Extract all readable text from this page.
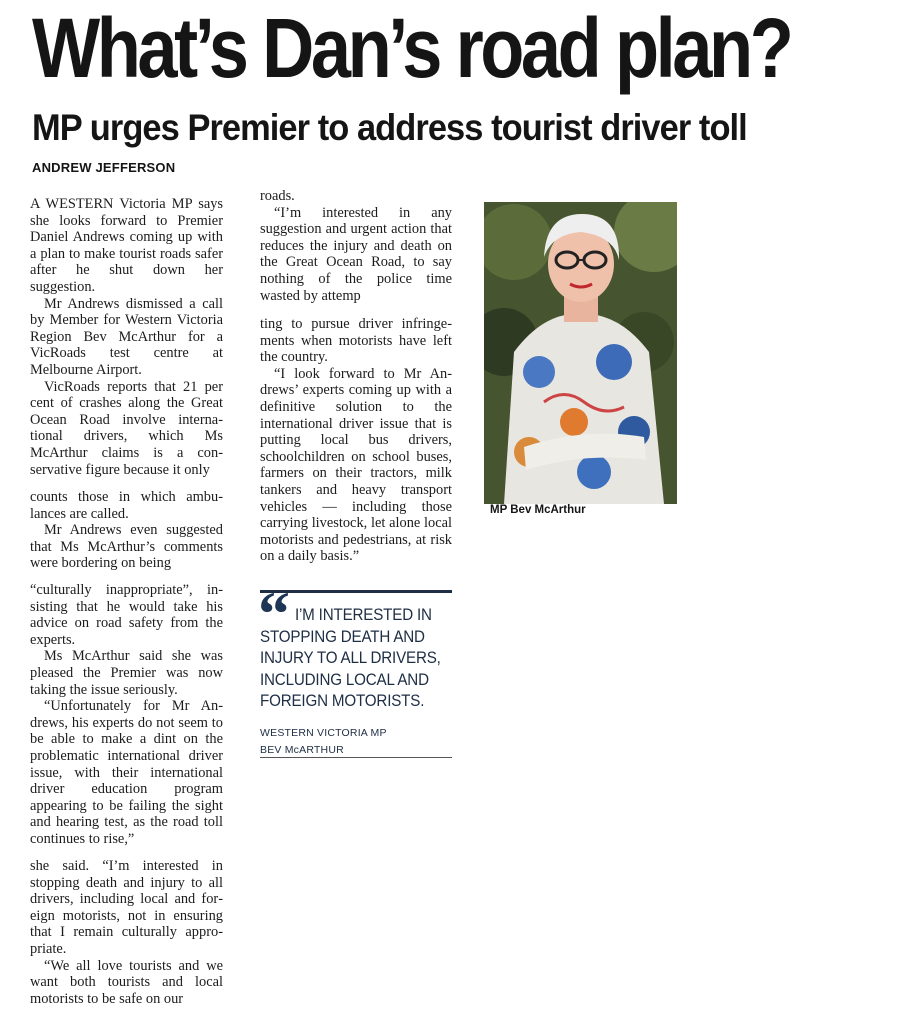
What’s Dan’s road plan?
MP urges Premier to address tourist driver toll
ANDREW JEFFERSON

A WESTERN Victoria MP says she looks forward to Premier Daniel Andrews coming up with a plan to make tourist roads safer after he shut down her suggestion.

Mr Andrews dismissed a call by Member for Western Victoria Region Bev McArthur for a VicRoads test centre at Melbourne Airport.

VicRoads reports that 21 per cent of crashes along the Great Ocean Road involve international drivers, which Ms McArthur claims is a conservative figure because it only

counts those in which ambulances are called.

Mr Andrews even suggested that Ms McArthur’s comments were bordering on being

“culturally inappropriate”, insisting that he would take his advice on road safety from the experts.

Ms McArthur said she was pleased the Premier was now taking the issue seriously.

“Unfortunately for Mr Andrews, his experts do not seem to be able to make a dint on the problematic international driver issue, with their international driver education program appearing to be failing the sight and hearing test, as the road toll continues to rise,”

she said. “I’m interested in stopping death and injury to all drivers, including local and foreign motorists, not in ensuring that I remain culturally appropriate.

“We all love tourists and we want both tourists and local motorists to be safe on our

roads.

“I’m interested in any suggestion and urgent action that reduces the injury and death on the Great Ocean Road, to say nothing of the police time wasted by attemp

ting to pursue driver infringements when motorists have left the country.

“I look forward to Mr Andrews’ experts coming up with a definitive solution to the international driver issue that is putting local bus drivers, schoolchildren on school buses, farmers on their tractors, milk tankers and heavy transport vehicles — including those carrying livestock, let alone local motorists and pedestrians, at risk on a daily basis.”

MP Bev McArthur
“ I’M INTERESTED IN STOPPING DEATH AND INJURY TO ALL DRIVERS, INCLUDING LOCAL AND FOREIGN MOTORISTS.
WESTERN VICTORIA MP
BEV McARTHUR
